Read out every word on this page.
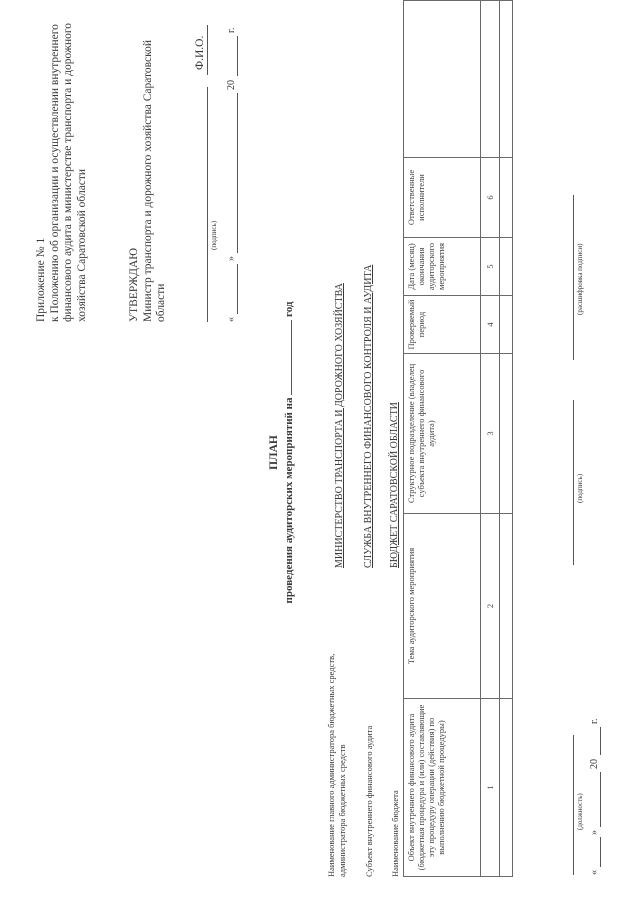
Приложение № 1 к Положению об организации и осуществлении внутреннего финансового аудита в министерстве транспорта и дорожного хозяйства Саратовской области	УТВЕРЖДАЮ Министр транспорта и дорожного хозяйства Саратовской области
(подпись)
Ф.И.О.
«
»
20
г.
ПЛАН проведения аудиторских мероприятий на  год
Наименование главного администратора бюджетных средств, администратора бюджетных средств
МИНИСТЕРСТВО ТРАНСПОРТА И ДОРОЖНОГО ХОЗЯЙСТВА
Субъект внутреннего финансового аудита
СЛУЖБА ВНУТРЕННЕГО ФИНАНСОВОГО КОНТРОЛЯ И АУДИТА
Наименование бюджета
БЮДЖЕТ САРАТОВСКОЙ ОБЛАСТИ
Объект внутреннего финансового аудита (бюджетная процедура и (или) составляющие эту процедуру операции (действия) по выполнению бюджетной процедуры)	Тема аудиторского мероприятия	Структурное подразделение (владелец субъекта внутреннего финансового аудита)	Проверяемый период	Дата (месяц) окончания аудиторского мероприятия	Ответственные исполнители	
1	2	3	4	5	6	

(должность)
(подпись)
(расшифровка подписи)
«
»
20
г.
